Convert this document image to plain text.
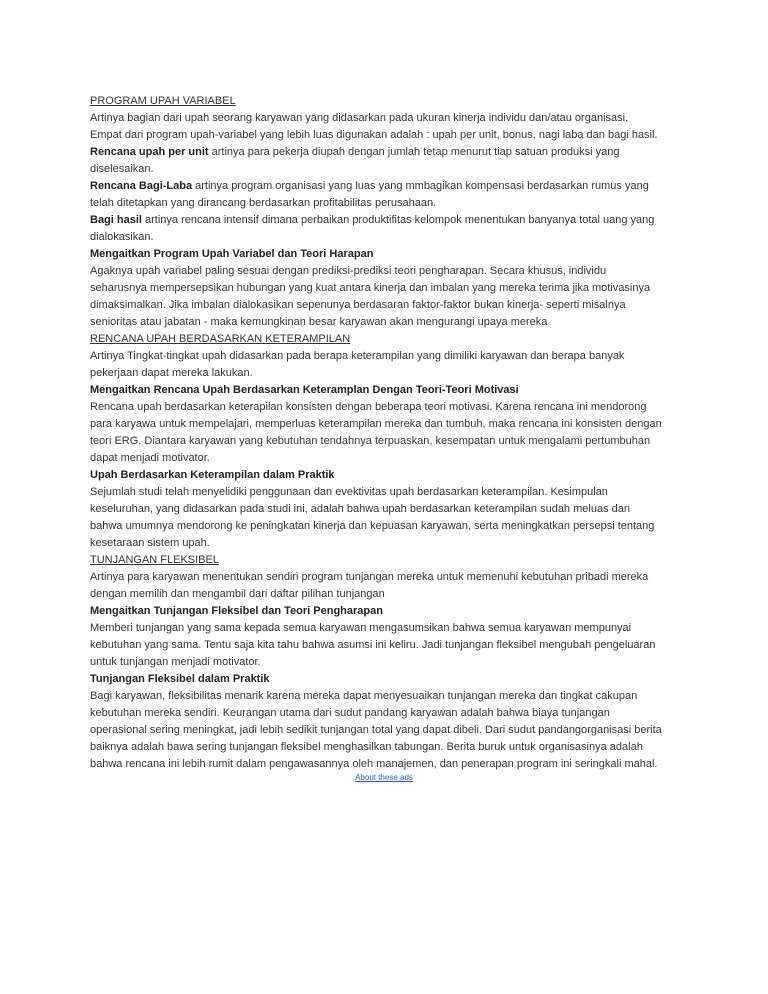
PROGRAM UPAH VARIABEL
Artinya bagian dari upah seorang karyawan yang didasarkan pada ukuran kinerja individu dan/atau organisasi.
Empat dari program upah-variabel yang lebih luas digunakan adalah : upah per unit, bonus, nagi laba dan bagi hasil.
Rencana upah per unit artinya para pekerja diupah dengan jumlah tetap menurut tiap satuan produksi yang
diselesaikan.
Rencana Bagi-Laba artinya program organisasi yang luas yang mmbagikan kompensasi berdasarkan rumus yang
telah ditetapkan yang dirancang berdasarkan profitabilitas perusahaan.
Bagi hasil artinya rencana intensif dimana perbaikan produktifitas kelompok menentukan banyanya total uang yang
dialokasikan.
Mengaitkan Program Upah Variabel dan Teori Harapan
Agaknya upah variabel paling sesuai dengan prediksi-prediksi teori pengharapan. Secara khusus, individu
seharusnya mempersepsikan hubungan yang kuat antara kinerja dan imbalan yang mereka terima jika motivasinya
dimaksimalkan. Jika imbalan dialokasikan sepenunya berdasaran faktor-faktor bukan kinerja- seperti misalnya
senioritas atau jabatan - maka kemungkinan besar karyawan akan mengurangi upaya mereka
RENCANA UPAH BERDASARKAN KETERAMPILAN
Artinya Tingkat-tingkat upah didasarkan pada berapa keterampilan yang dimiliki karyawan dan berapa banyak
pekerjaan dapat mereka lakukan.
Mengaitkan Rencana Upah Berdasarkan Keteramplan Dengan Teori-Teori Motivasi
Rencana upah berdasarkan keterapilan konsisten dengan beberapa teori motivasi. Karena rencana ini mendorong
para karyawa untuk mempelajari, memperluas keterampilan mereka dan tumbuh, maka rencana ini konsisten dengan
teori ERG. Diantara karyawan yang kebutuhan tendahnya terpuaskan, kesempatan untuk mengalami pertumbuhan
dapat menjadi motivator.
Upah Berdasarkan Keterampilan dalam Praktik
Sejumlah studi telah menyelidiki penggunaan dan evektivitas upah berdasarkan keterampilan. Kesimpulan
keseluruhan, yang didasarkan pada studi ini, adalah bahwa upah berdasarkan keterampilan sudah meluas dan
bahwa umumnya mendorong ke peningkatan kinerja dan kepuasan karyawan, serta meningkatkan persepsi tentang
kesetaraan sistem upah.
TUNJANGAN FLEKSIBEL
Artinya para karyawan menentukan sendiri program tunjangan mereka untuk memenuhi kebutuhan pribadi mereka
dengan memilih dan mengambil dari daftar pilihan tunjangan
Mengaitkan Tunjangan Fleksibel dan Teori Pengharapan
Memberi tunjangan yang sama kepada semua karyawan mengasumsikan bahwa semua karyawan mempunyai
kebutuhan yang sama. Tentu saja kita tahu bahwa asumsi ini keliru. Jadi tunjangan fleksibel mengubah pengeluaran
untuk tunjangan menjadi motivator.
Tunjangan Fleksibel dalam Praktik
Bagi karyawan, fleksibilitas menarik karena mereka dapat menyesuaikan tunjangan mereka dan tingkat cakupan
kebutuhan mereka sendiri. Keurangan utama dari sudut pandang karyawan adalah bahwa biaya tunjangan
operasional sering meningkat, jadi lebih sedikit tunjangan total yang dapat dibeli. Dari sudut pandangorganisasi berita
baiknya adalah bawa sering tunjangan fleksibel menghasilkan tabungan. Berita buruk untuk organisasinya adalah
bahwa rencana ini lebih rumit dalam pengawasannya oleh manajemen, dan penerapan program ini seringkali mahal.
About these ads
